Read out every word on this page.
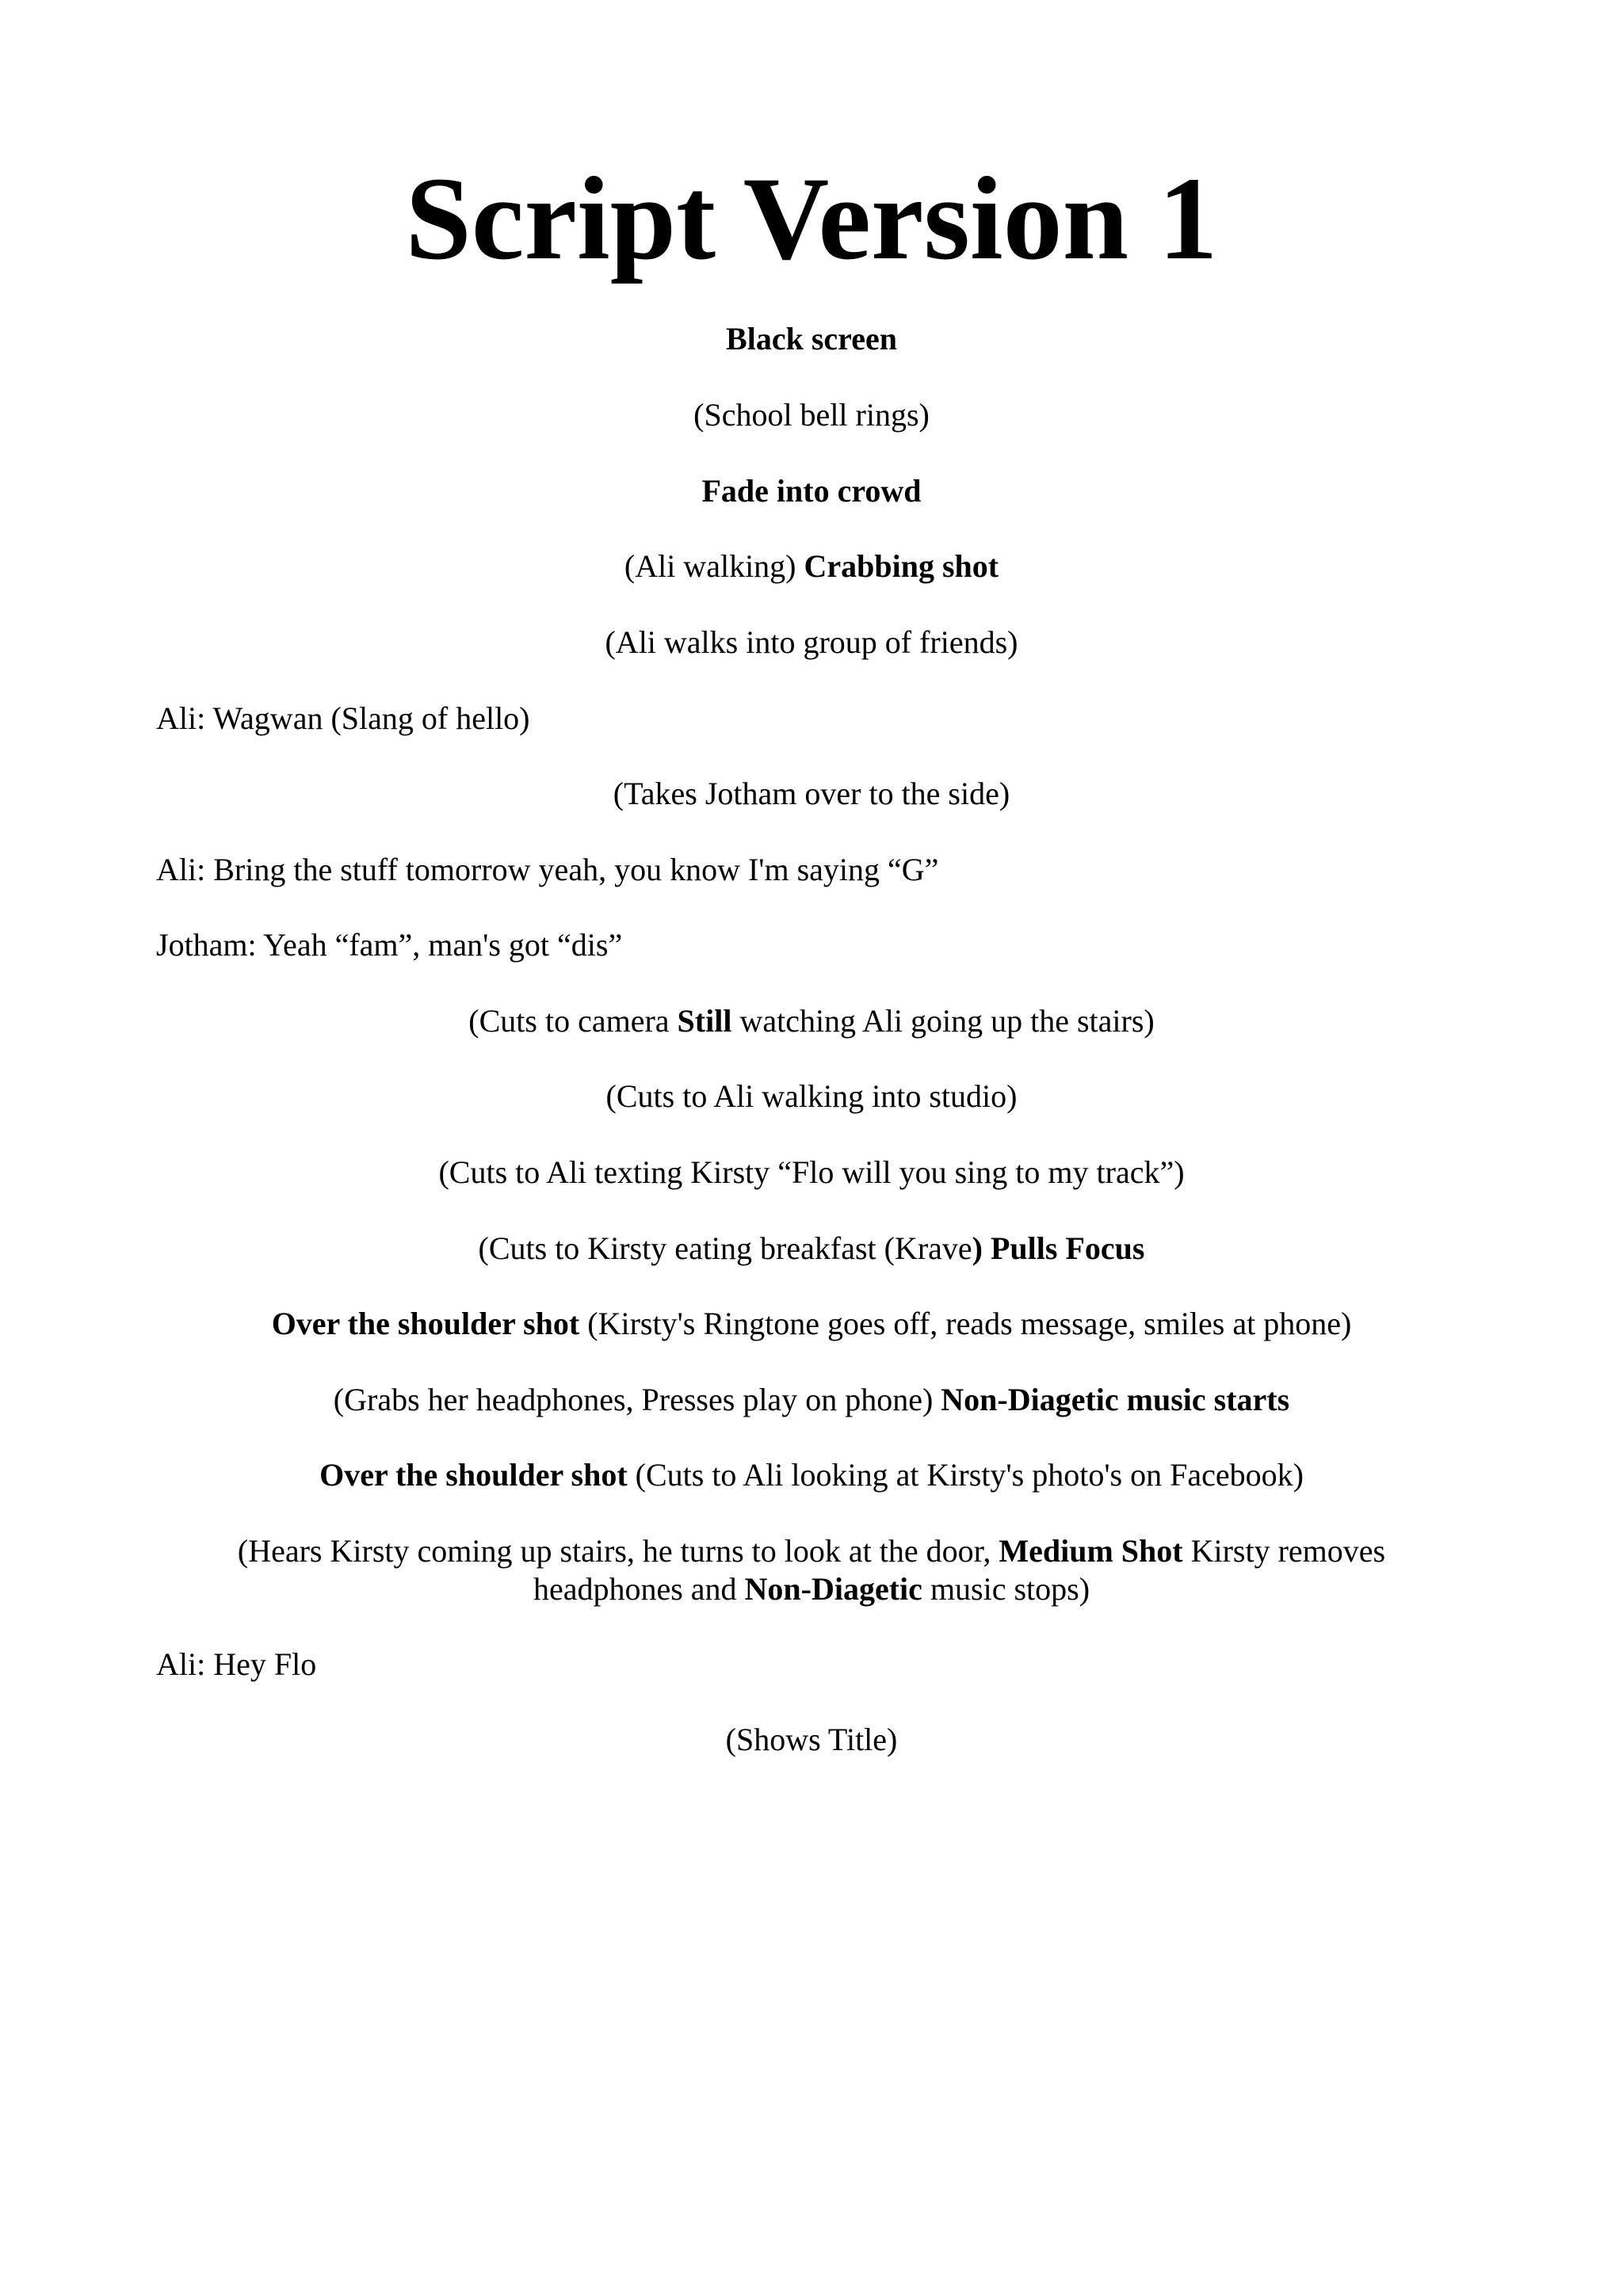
Script Version 1

Black screen

(School bell rings)

Fade into crowd

(Ali walking) Crabbing shot

(Ali walks into group of friends)

Ali: Wagwan (Slang of hello)

(Takes Jotham over to the side)

Ali: Bring the stuff tomorrow yeah, you know I'm saying “G”

Jotham: Yeah “fam”, man's got “dis”

(Cuts to camera Still watching Ali going up the stairs)

(Cuts to Ali walking into studio)

(Cuts to Ali texting Kirsty “Flo will you sing to my track”)

(Cuts to Kirsty eating breakfast (Krave) Pulls Focus

Over the shoulder shot (Kirsty's Ringtone goes off, reads message, smiles at phone)

(Grabs her headphones, Presses play on phone) Non-Diagetic music starts

Over the shoulder shot (Cuts to Ali looking at Kirsty's photo's on Facebook)

(Hears Kirsty coming up stairs, he turns to look at the door, Medium Shot Kirsty removes headphones and Non-Diagetic music stops)

Ali: Hey Flo

(Shows Title)
